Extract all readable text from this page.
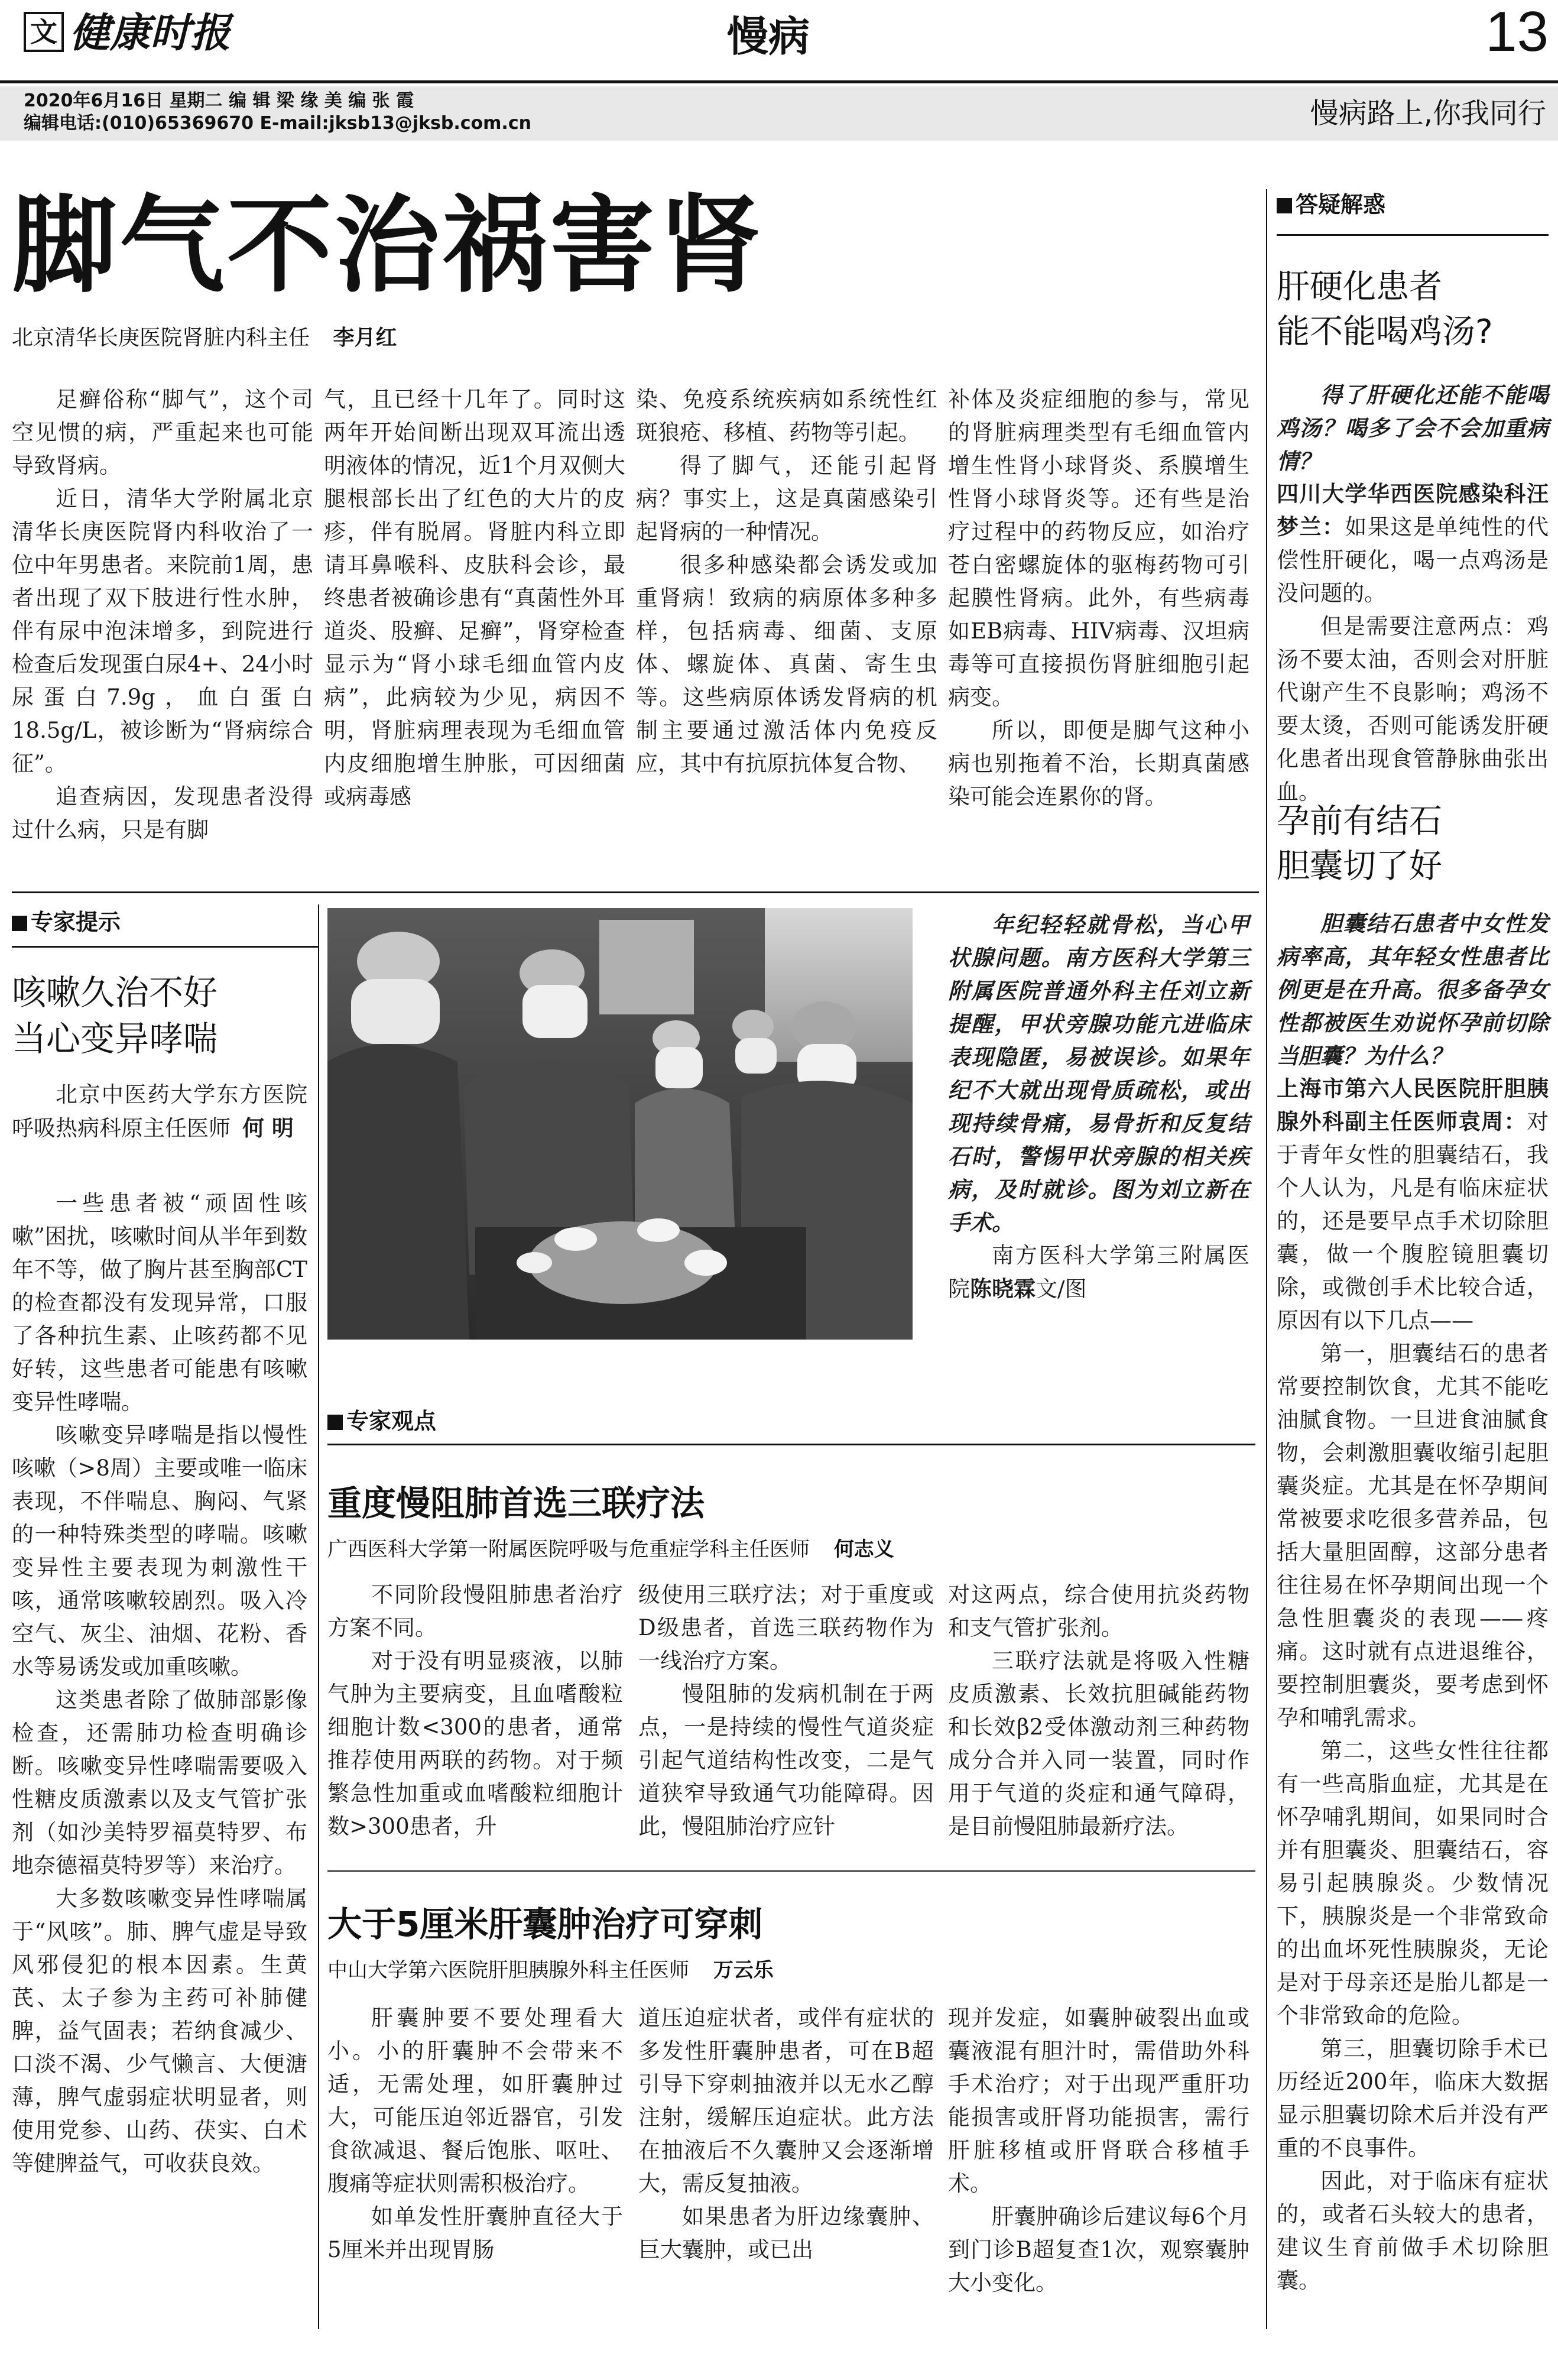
文 健康时报	慢病	13
2020年6月16日 星期二 编 辑 梁 缘 美 编 张 霞
编辑电话:(010)65369670 E-mail:jksb13@jksb.com.cn	慢病路上,你我同行
脚气不治祸害肾
北京清华长庚医院肾脏内科主任 李月红

足癣俗称“脚气”，这个司空见惯的病，严重起来也可能导致肾病。

近日，清华大学附属北京清华长庚医院肾内科收治了一位中年男患者。来院前1周，患者出现了双下肢进行性水肿，伴有尿中泡沫增多，到院进行检查后发现蛋白尿4+、24小时尿蛋白7.9g，血白蛋白18.5g/L，被诊断为“肾病综合征”。

追查病因，发现患者没得过什么病，只是有脚

气，且已经十几年了。同时这两年开始间断出现双耳流出透明液体的情况，近1个月双侧大腿根部长出了红色的大片的皮疹，伴有脱屑。肾脏内科立即请耳鼻喉科、皮肤科会诊，最终患者被确诊患有“真菌性外耳道炎、股癣、足癣”，肾穿检查显示为“肾小球毛细血管内皮病”，此病较为少见，病因不明，肾脏病理表现为毛细血管内皮细胞增生肿胀，可因细菌或病毒感

染、免疫系统疾病如系统性红斑狼疮、移植、药物等引起。

得了脚气，还能引起肾病？事实上，这是真菌感染引起肾病的一种情况。

很多种感染都会诱发或加重肾病！致病的病原体多种多样，包括病毒、细菌、支原体、螺旋体、真菌、寄生虫等。这些病原体诱发肾病的机制主要通过激活体内免疫反应，其中有抗原抗体复合物、

补体及炎症细胞的参与，常见的肾脏病理类型有毛细血管内增生性肾小球肾炎、系膜增生性肾小球肾炎等。还有些是治疗过程中的药物反应，如治疗苍白密螺旋体的驱梅药物可引起膜性肾病。此外，有些病毒如EB病毒、HIV病毒、汉坦病毒等可直接损伤肾脏细胞引起病变。

所以，即便是脚气这种小病也别拖着不治，长期真菌感染可能会连累你的肾。

答疑解惑
肝硬化患者
能不能喝鸡汤?

得了肝硬化还能不能喝鸡汤？喝多了会不会加重病情？

四川大学华西医院感染科汪梦兰：如果这是单纯性的代偿性肝硬化，喝一点鸡汤是没问题的。

但是需要注意两点：鸡汤不要太油，否则会对肝脏代谢产生不良影响；鸡汤不要太烫，否则可能诱发肝硬化患者出现食管静脉曲张出血。

孕前有结石
胆囊切了好

胆囊结石患者中女性发病率高，其年轻女性患者比例更是在升高。很多备孕女性都被医生劝说怀孕前切除当胆囊？为什么？

上海市第六人民医院肝胆胰腺外科副主任医师袁周：对于青年女性的胆囊结石，我个人认为，凡是有临床症状的，还是要早点手术切除胆囊，做一个腹腔镜胆囊切除，或微创手术比较合适，原因有以下几点——

第一，胆囊结石的患者常要控制饮食，尤其不能吃油腻食物。一旦进食油腻食物，会刺激胆囊收缩引起胆囊炎症。尤其是在怀孕期间常被要求吃很多营养品，包括大量胆固醇，这部分患者往往易在怀孕期间出现一个急性胆囊炎的表现——疼痛。这时就有点进退维谷，要控制胆囊炎，要考虑到怀孕和哺乳需求。

第二，这些女性往往都有一些高脂血症，尤其是在怀孕哺乳期间，如果同时合并有胆囊炎、胆囊结石，容易引起胰腺炎。少数情况下，胰腺炎是一个非常致命的出血坏死性胰腺炎，无论是对于母亲还是胎儿都是一个非常致命的危险。

第三，胆囊切除手术已历经近200年，临床大数据显示胆囊切除术后并没有严重的不良事件。

因此，对于临床有症状的，或者石头较大的患者，建议生育前做手术切除胆囊。

专家提示
咳嗽久治不好
当心变异哮喘

北京中医药大学东方医院呼吸热病科原主任医师 何 明

一些患者被“顽固性咳嗽”困扰，咳嗽时间从半年到数年不等，做了胸片甚至胸部CT的检查都没有发现异常，口服了各种抗生素、止咳药都不见好转，这些患者可能患有咳嗽变异性哮喘。

咳嗽变异哮喘是指以慢性咳嗽（>8周）主要或唯一临床表现，不伴喘息、胸闷、气紧的一种特殊类型的哮喘。咳嗽变异性主要表现为刺激性干咳，通常咳嗽较剧烈。吸入冷空气、灰尘、油烟、花粉、香水等易诱发或加重咳嗽。

这类患者除了做肺部影像检查，还需肺功检查明确诊断。咳嗽变异性哮喘需要吸入性糖皮质激素以及支气管扩张剂（如沙美特罗福莫特罗、布地奈德福莫特罗等）来治疗。

大多数咳嗽变异性哮喘属于“风咳”。肺、脾气虚是导致风邪侵犯的根本因素。生黄芪、太子参为主药可补肺健脾，益气固表；若纳食减少、口淡不渴、少气懒言、大便溏薄，脾气虚弱症状明显者，则使用党参、山药、茯实、白术等健脾益气，可收获良效。

年纪轻轻就骨松，当心甲状腺问题。南方医科大学第三附属医院普通外科主任刘立新提醒，甲状旁腺功能亢进临床表现隐匿，易被误诊。如果年纪不大就出现骨质疏松，或出现持续骨痛，易骨折和反复结石时，警惕甲状旁腺的相关疾病，及时就诊。图为刘立新在手术。

南方医科大学第三附属医院陈晓霖文/图

专家观点
重度慢阻肺首选三联疗法
广西医科大学第一附属医院呼吸与危重症学科主任医师 何志义

不同阶段慢阻肺患者治疗方案不同。

对于没有明显痰液，以肺气肿为主要病变，且血嗜酸粒细胞计数<300的患者，通常推荐使用两联的药物。对于频繁急性加重或血嗜酸粒细胞计数>300患者，升

级使用三联疗法；对于重度或D级患者，首选三联药物作为一线治疗方案。

慢阻肺的发病机制在于两点，一是持续的慢性气道炎症引起气道结构性改变，二是气道狭窄导致通气功能障碍。因此，慢阻肺治疗应针

对这两点，综合使用抗炎药物和支气管扩张剂。

三联疗法就是将吸入性糖皮质激素、长效抗胆碱能药物和长效β2受体激动剂三种药物成分合并入同一装置，同时作用于气道的炎症和通气障碍，是目前慢阻肺最新疗法。

大于5厘米肝囊肿治疗可穿刺
中山大学第六医院肝胆胰腺外科主任医师 万云乐

肝囊肿要不要处理看大小。小的肝囊肿不会带来不适，无需处理，如肝囊肿过大，可能压迫邻近器官，引发食欲减退、餐后饱胀、呕吐、腹痛等症状则需积极治疗。

如单发性肝囊肿直径大于5厘米并出现胃肠

道压迫症状者，或伴有症状的多发性肝囊肿患者，可在B超引导下穿刺抽液并以无水乙醇注射，缓解压迫症状。此方法在抽液后不久囊肿又会逐渐增大，需反复抽液。

如果患者为肝边缘囊肿、巨大囊肿，或已出

现并发症，如囊肿破裂出血或囊液混有胆汁时，需借助外科手术治疗；对于出现严重肝功能损害或肝肾功能损害，需行肝脏移植或肝肾联合移植手术。

肝囊肿确诊后建议每6个月到门诊B超复查1次，观察囊肿大小变化。
